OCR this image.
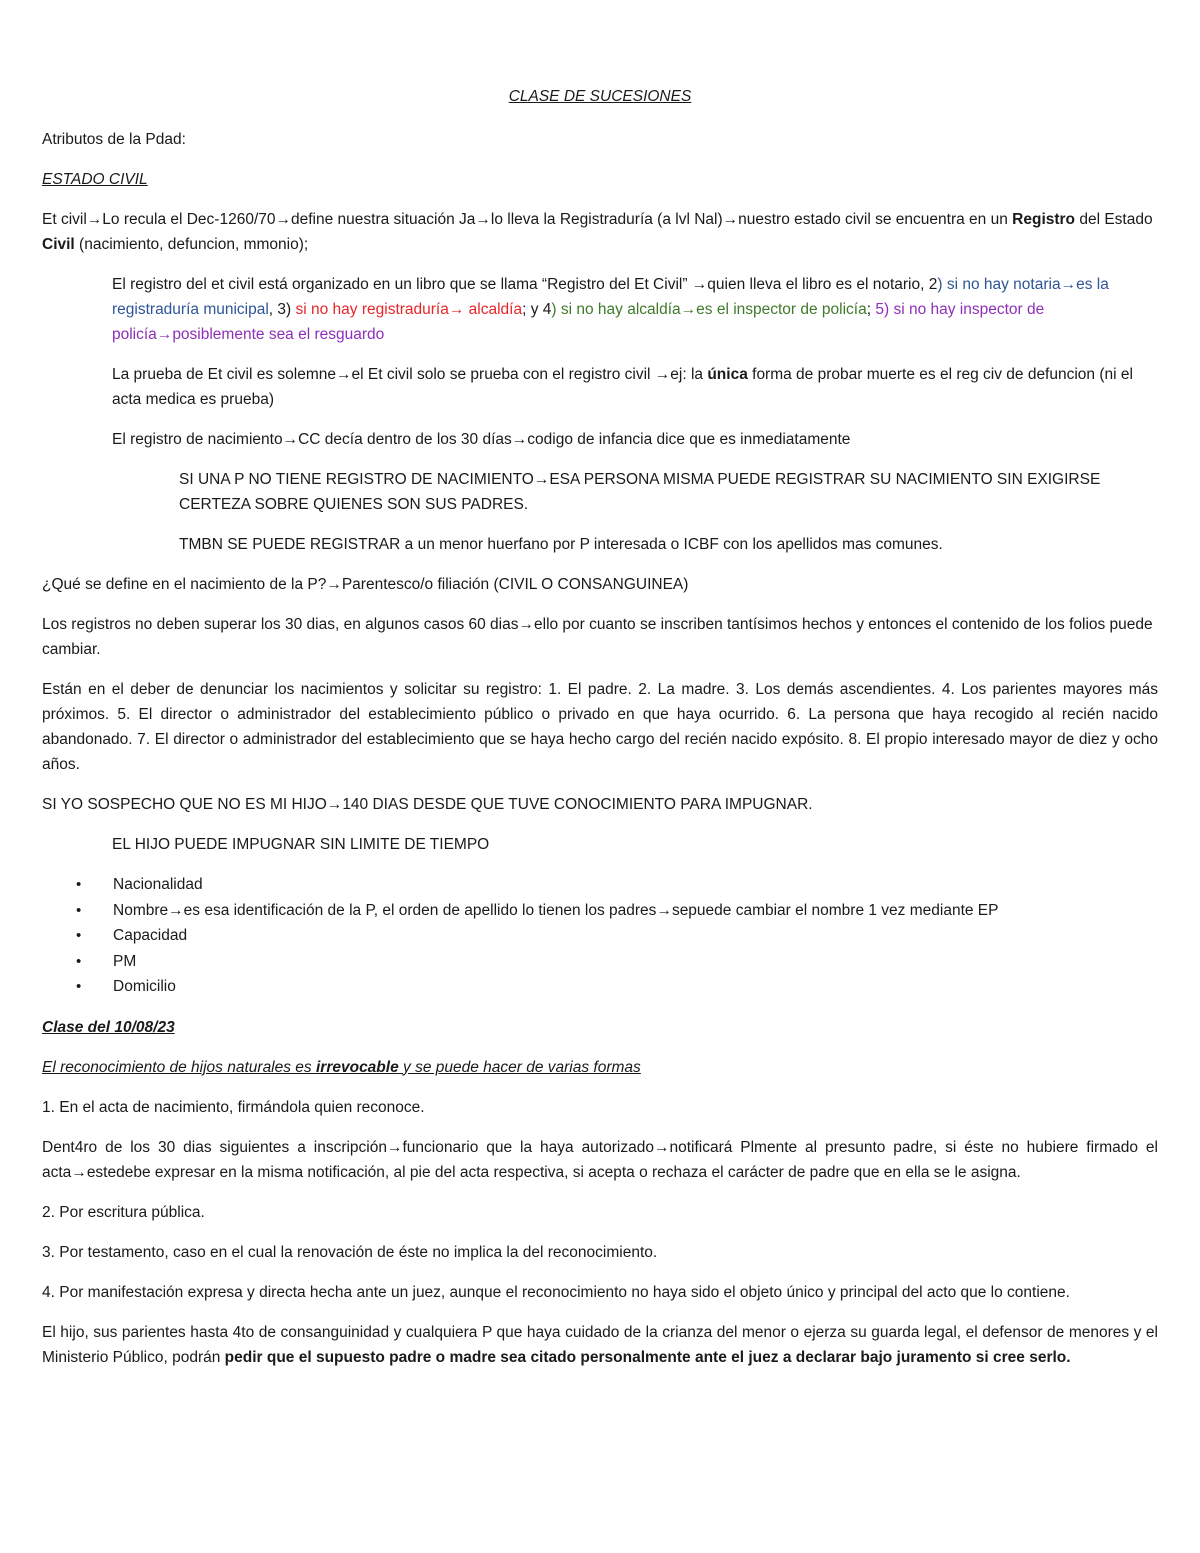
CLASE DE SUCESIONES

Atributos de la Pdad:

ESTADO CIVIL

Et civil→Lo recula el Dec-1260/70→define nuestra situación Ja→lo lleva la Registraduría (a lvl Nal)→nuestro estado civil se encuentra en un Registro del Estado Civil (nacimiento, defuncion, mmonio);

El registro del et civil está organizado en un libro que se llama “Registro del Et Civil” →quien lleva el libro es el notario, 2) si no hay notaria→es la registraduría municipal, 3) si no hay registraduría→ alcaldía; y 4) si no hay alcaldía→es el inspector de policía; 5) si no hay inspector de policía→posiblemente sea el resguardo

La prueba de Et civil es solemne→el Et civil solo se prueba con el registro civil →ej: la única forma de probar muerte es el reg civ de defuncion (ni el acta medica es prueba)

El registro de nacimiento→CC decía dentro de los 30 días→codigo de infancia dice que es inmediatamente

SI UNA P NO TIENE REGISTRO DE NACIMIENTO→ESA PERSONA MISMA PUEDE REGISTRAR SU NACIMIENTO SIN EXIGIRSE CERTEZA SOBRE QUIENES SON SUS PADRES.

TMBN SE PUEDE REGISTRAR a un menor huerfano por P interesada o ICBF con los apellidos mas comunes.

¿Qué se define en el nacimiento de la P?→Parentesco/o filiación (CIVIL O CONSANGUINEA)

Los registros no deben superar los 30 dias, en algunos casos 60 dias→ello por cuanto se inscriben tantísimos hechos y entonces el contenido de los folios puede cambiar.

Están en el deber de denunciar los nacimientos y solicitar su registro: 1. El padre. 2. La madre. 3. Los demás ascendientes. 4. Los parientes mayores más próximos. 5. El director o administrador del establecimiento público o privado en que haya ocurrido. 6. La persona que haya recogido al recién nacido abandonado. 7. El director o administrador del establecimiento que se haya hecho cargo del recién nacido expósito. 8. El propio interesado mayor de diez y ocho años.

SI YO SOSPECHO QUE NO ES MI HIJO→140 DIAS DESDE QUE TUVE CONOCIMIENTO PARA IMPUGNAR.

EL HIJO PUEDE IMPUGNAR SIN LIMITE DE TIEMPO

• Nacionalidad
• Nombre→es esa identificación de la P, el orden de apellido lo tienen los padres→sepuede cambiar el nombre 1 vez mediante EP
• Capacidad
• PM
• Domicilio

Clase del 10/08/23

El reconocimiento de hijos naturales es irrevocable y se puede hacer de varias formas

1. En el acta de nacimiento, firmándola quien reconoce.

Dent4ro de los 30 dias siguientes a inscripción→funcionario que la haya autorizado→notificará Plmente al presunto padre, si éste no hubiere firmado el acta→estedebe expresar en la misma notificación, al pie del acta respectiva, si acepta o rechaza el carácter de padre que en ella se le asigna.

2. Por escritura pública.

3. Por testamento, caso en el cual la renovación de éste no implica la del reconocimiento.

4. Por manifestación expresa y directa hecha ante un juez, aunque el reconocimiento no haya sido el objeto único y principal del acto que lo contiene.

El hijo, sus parientes hasta 4to de consanguinidad y cualquiera P que haya cuidado de la crianza del menor o ejerza su guarda legal, el defensor de menores y el Ministerio Público, podrán pedir que el supuesto padre o madre sea citado personalmente ante el juez a declarar bajo juramento si cree serlo.
